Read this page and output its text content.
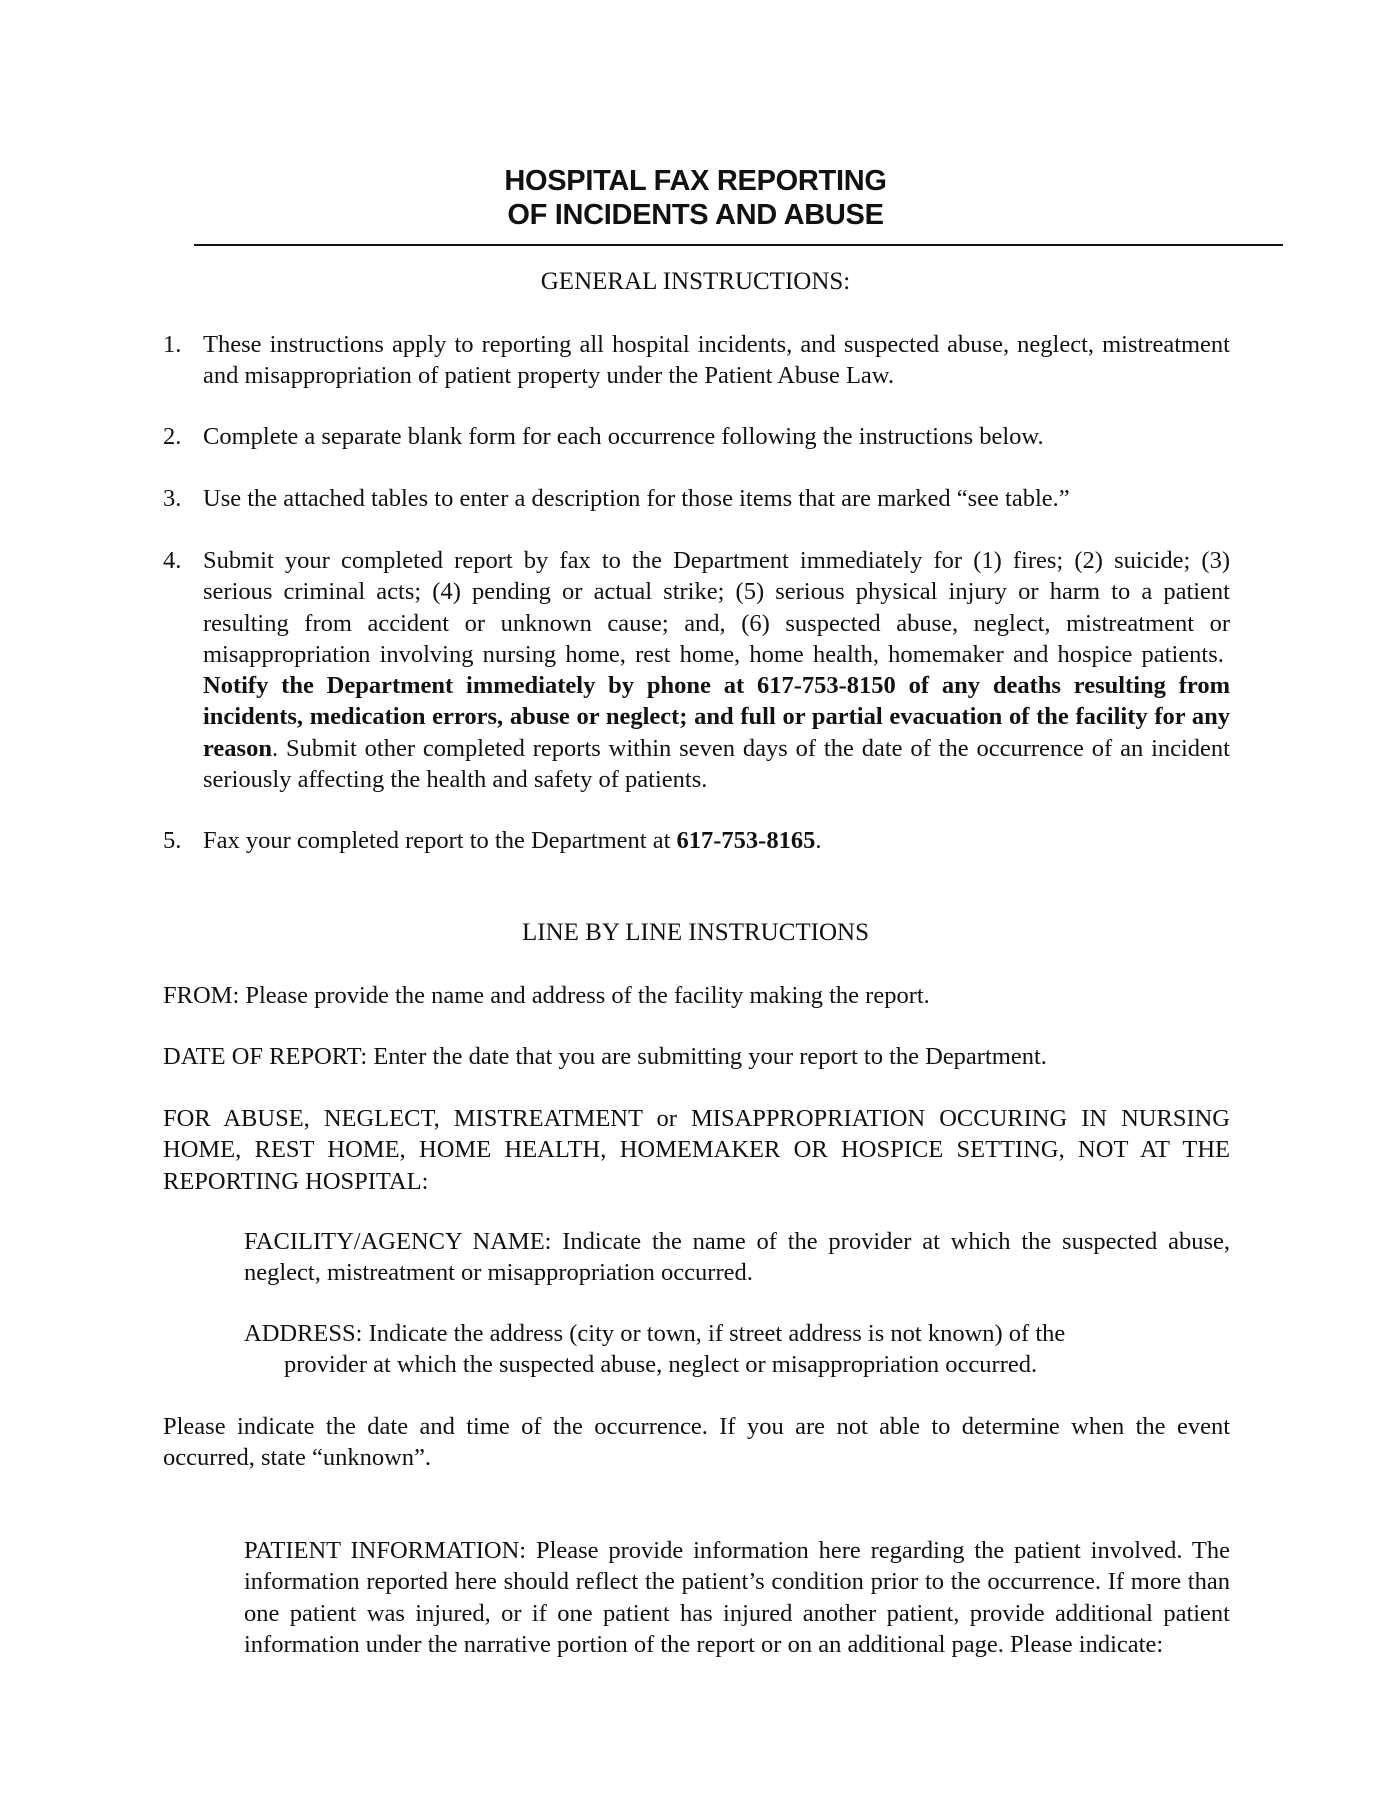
HOSPITAL FAX REPORTING
OF INCIDENTS AND ABUSE
GENERAL INSTRUCTIONS:
1. These instructions apply to reporting all hospital incidents, and suspected abuse, neglect, mistreatment and misappropriation of patient property under the Patient Abuse Law.
2. Complete a separate blank form for each occurrence following the instructions below.
3. Use the attached tables to enter a description for those items that are marked “see table.”
4. Submit your completed report by fax to the Department immediately for (1) fires; (2) suicide; (3) serious criminal acts; (4) pending or actual strike; (5) serious physical injury or harm to a patient resulting from accident or unknown cause; and, (6) suspected abuse, neglect, mistreatment or misappropriation involving nursing home, rest home, home health, homemaker and hospice patients.  Notify the Department immediately by phone at 617-753-8150 of any deaths resulting from incidents, medication errors, abuse or neglect; and full or partial evacuation of the facility for any reason. Submit other completed reports within seven days of the date of the occurrence of an incident seriously affecting the health and safety of patients.
5. Fax your completed report to the Department at 617-753-8165.
LINE BY LINE INSTRUCTIONS
FROM: Please provide the name and address of the facility making the report.
DATE OF REPORT: Enter the date that you are submitting your report to the Department.
FOR ABUSE, NEGLECT, MISTREATMENT or MISAPPROPRIATION OCCURING IN NURSING HOME, REST HOME, HOME HEALTH, HOMEMAKER OR HOSPICE SETTING, NOT AT THE REPORTING HOSPITAL:
FACILITY/AGENCY NAME: Indicate the name of the provider at which the suspected abuse, neglect, mistreatment or misappropriation occurred.
ADDRESS: Indicate the address (city or town, if street address is not known) of the
provider at which the suspected abuse, neglect or misappropriation occurred.
Please indicate the date and time of the occurrence. If you are not able to determine when the event occurred, state “unknown”.
PATIENT INFORMATION: Please provide information here regarding the patient involved. The information reported here should reflect the patient’s condition prior to the occurrence. If more than one patient was injured, or if one patient has injured another patient, provide additional patient information under the narrative portion of the report or on an additional page. Please indicate:
